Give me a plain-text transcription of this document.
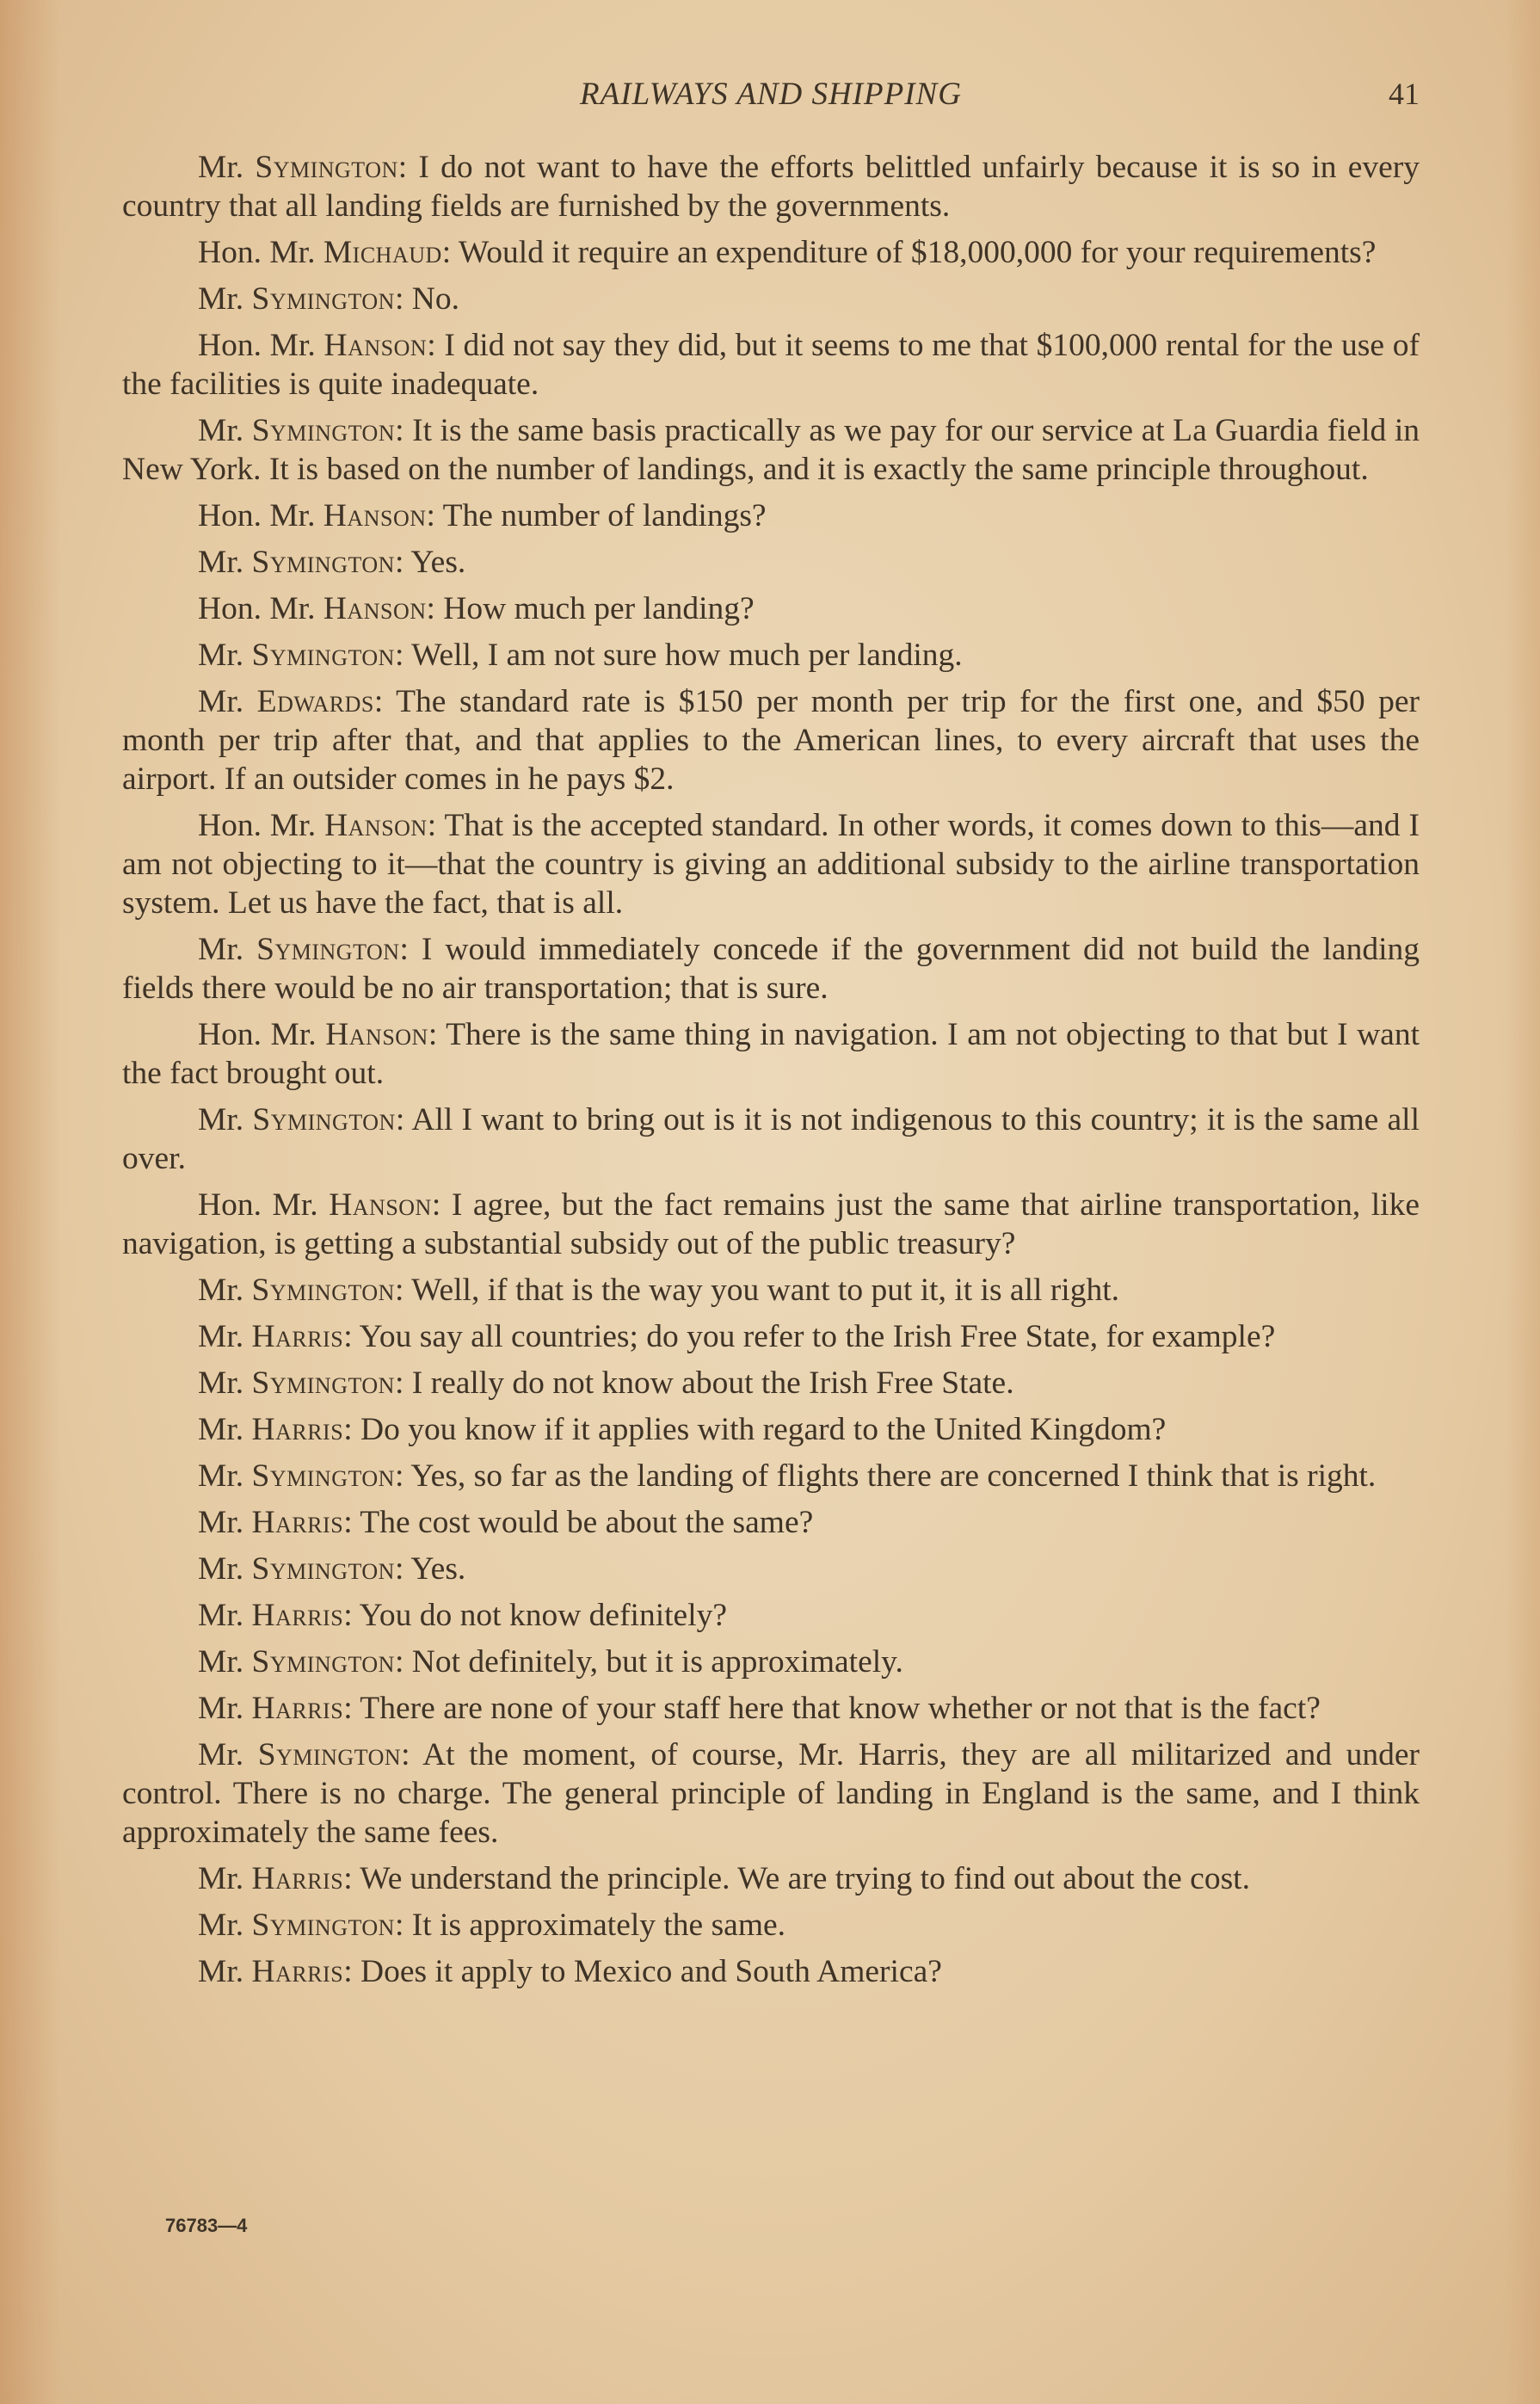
RAILWAYS AND SHIPPING	41

Mr. Symington: I do not want to have the efforts belittled unfairly because it is so in every country that all landing fields are furnished by the governments.

Hon. Mr. Michaud: Would it require an expenditure of $18,000,000 for your requirements?

Mr. Symington: No.

Hon. Mr. Hanson: I did not say they did, but it seems to me that $100,000 rental for the use of the facilities is quite inadequate.

Mr. Symington: It is the same basis practically as we pay for our service at La Guardia field in New York. It is based on the number of landings, and it is exactly the same principle throughout.

Hon. Mr. Hanson: The number of landings?

Mr. Symington: Yes.

Hon. Mr. Hanson: How much per landing?

Mr. Symington: Well, I am not sure how much per landing.

Mr. Edwards: The standard rate is $150 per month per trip for the first one, and $50 per month per trip after that, and that applies to the American lines, to every aircraft that uses the airport. If an outsider comes in he pays $2.

Hon. Mr. Hanson: That is the accepted standard. In other words, it comes down to this—and I am not objecting to it—that the country is giving an additional subsidy to the airline transportation system. Let us have the fact, that is all.

Mr. Symington: I would immediately concede if the government did not build the landing fields there would be no air transportation; that is sure.

Hon. Mr. Hanson: There is the same thing in navigation. I am not objecting to that but I want the fact brought out.

Mr. Symington: All I want to bring out is it is not indigenous to this country; it is the same all over.

Hon. Mr. Hanson: I agree, but the fact remains just the same that airline transportation, like navigation, is getting a substantial subsidy out of the public treasury?

Mr. Symington: Well, if that is the way you want to put it, it is all right.

Mr. Harris: You say all countries; do you refer to the Irish Free State, for example?

Mr. Symington: I really do not know about the Irish Free State.

Mr. Harris: Do you know if it applies with regard to the United Kingdom?

Mr. Symington: Yes, so far as the landing of flights there are concerned I think that is right.

Mr. Harris: The cost would be about the same?

Mr. Symington: Yes.

Mr. Harris: You do not know definitely?

Mr. Symington: Not definitely, but it is approximately.

Mr. Harris: There are none of your staff here that know whether or not that is the fact?

Mr. Symington: At the moment, of course, Mr. Harris, they are all militarized and under control. There is no charge. The general principle of landing in England is the same, and I think approximately the same fees.

Mr. Harris: We understand the principle. We are trying to find out about the cost.

Mr. Symington: It is approximately the same.

Mr. Harris: Does it apply to Mexico and South America?

76783—4
